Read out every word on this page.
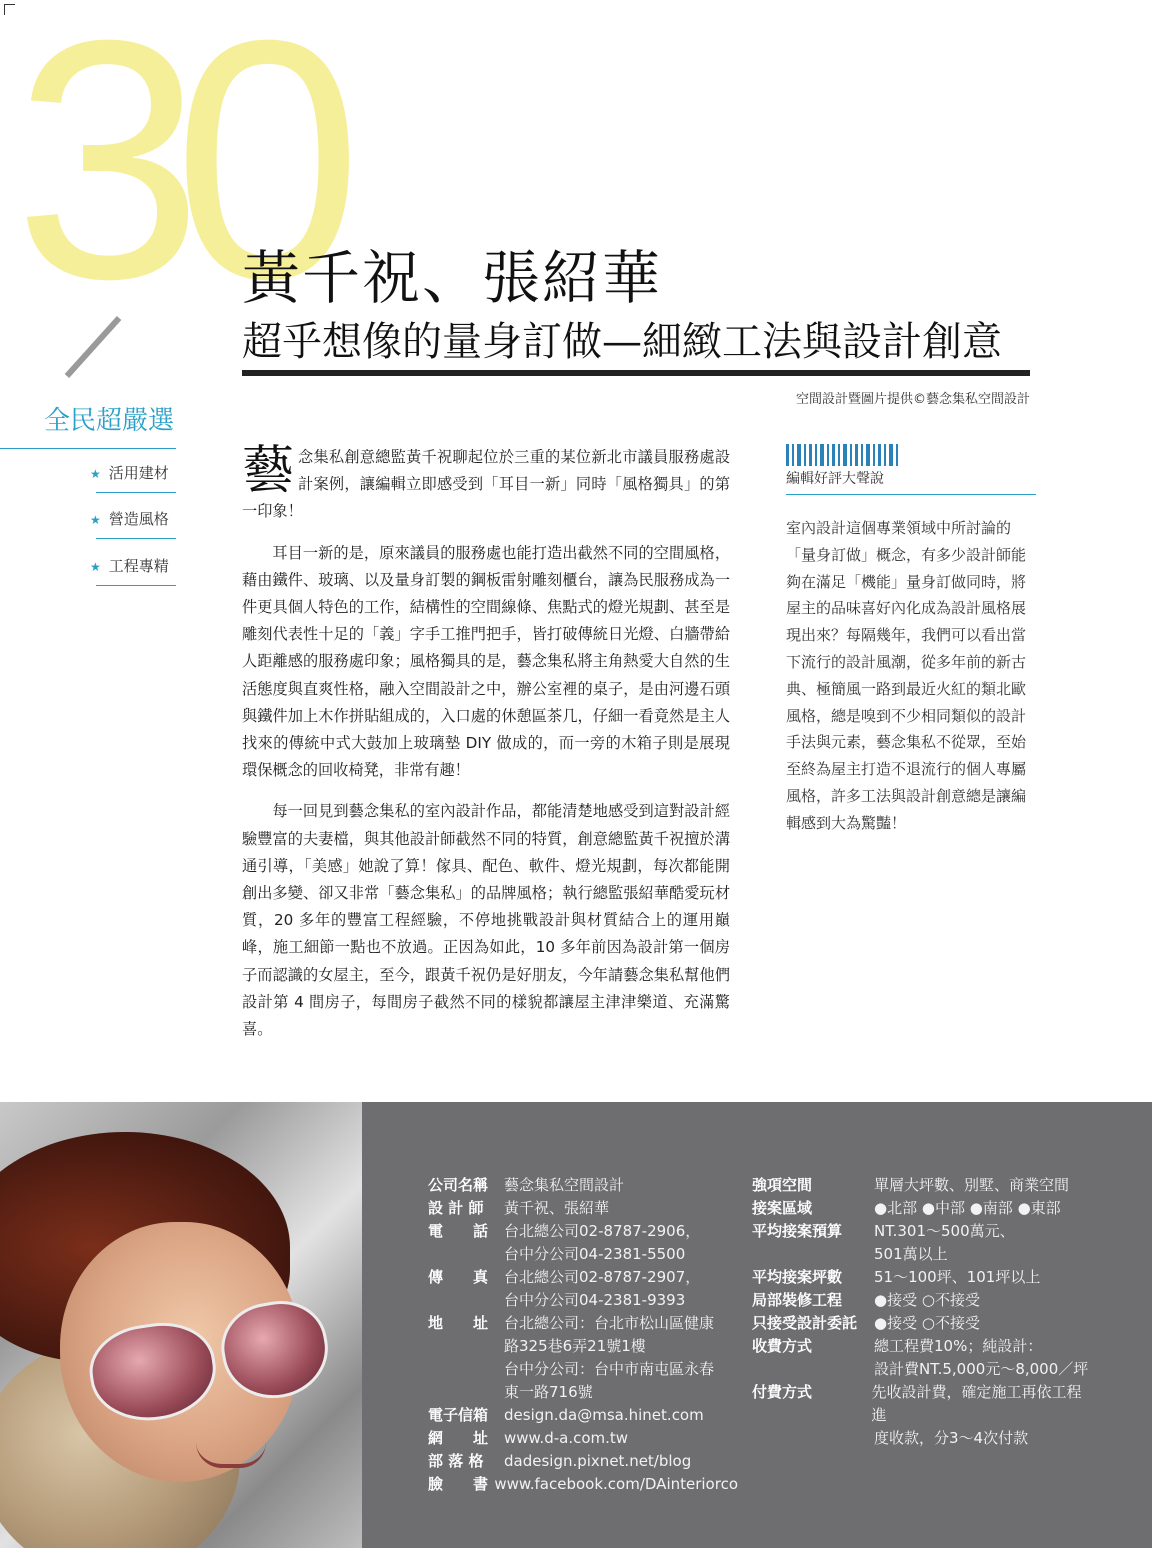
30
黃千祝、張紹華
超乎想像的量身訂做—細緻工法與設計創意
空間設計暨圖片提供©藝念集私空間設計
全民超嚴選
★ 活用建材
★ 營造風格
★ 工程專精

藝念集私創意總監黃千祝聊起位於三重的某位新北市議員服務處設計案例，讓編輯立即感受到「耳目一新」同時「風格獨具」的第一印象！

耳目一新的是，原來議員的服務處也能打造出截然不同的空間風格，藉由鐵件、玻璃、以及量身訂製的鋼板雷射雕刻櫃台，讓為民服務成為一件更具個人特色的工作，結構性的空間線條、焦點式的燈光規劃、甚至是雕刻代表性十足的「義」字手工推門把手，皆打破傳統日光燈、白牆帶給人距離感的服務處印象；風格獨具的是，藝念集私將主角熱愛大自然的生活態度與直爽性格，融入空間設計之中，辦公室裡的桌子，是由河邊石頭與鐵件加上木作拼貼組成的，入口處的休憩區茶几，仔細一看竟然是主人找來的傳統中式大鼓加上玻璃墊 DIY 做成的，而一旁的木箱子則是展現環保概念的回收椅凳，非常有趣！

每一回見到藝念集私的室內設計作品，都能清楚地感受到這對設計經驗豐富的夫妻檔，與其他設計師截然不同的特質，創意總監黃千祝擅於溝通引導，「美感」她說了算！傢具、配色、軟件、燈光規劃，每次都能開創出多變、卻又非常「藝念集私」的品牌風格；執行總監張紹華酷愛玩材質，20 多年的豐富工程經驗，不停地挑戰設計與材質結合上的運用巔峰，施工細節一點也不放過。正因為如此，10 多年前因為設計第一個房子而認識的女屋主，至今，跟黃千祝仍是好朋友，今年請藝念集私幫他們設計第 4 間房子，每間房子截然不同的樣貌都讓屋主津津樂道、充滿驚喜。

編輯好評大聲說
室內設計這個專業領域中所討論的「量身訂做」概念，有多少設計師能夠在滿足「機能」量身訂做同時，將屋主的品味喜好內化成為設計風格展現出來？每隔幾年，我們可以看出當下流行的設計風潮，從多年前的新古典、極簡風一路到最近火紅的類北歐風格，總是嗅到不少相同類似的設計手法與元素，藝念集私不從眾，至始至終為屋主打造不退流行的個人專屬風格，許多工法與設計創意總是讓編輯感到大為驚豔！
公司名稱	藝念集私空間設計
設 計 師	黃千祝、張紹華
電　　話	台北總公司02-8787-2906，
台中分公司04-2381-5500
傳　　真	台北總公司02-8787-2907，
台中分公司04-2381-9393
地　　址	台北總公司：台北市松山區健康
路325巷6弄21號1樓
台中分公司：台中市南屯區永春
東一路716號
電子信箱	design.da@msa.hinet.com
網　　址	www.d-a.com.tw
部 落 格	dadesign.pixnet.net/blog
臉　　書 www.facebook.com/DAinteriorco
強項空間	單層大坪數、別墅、商業空間
接案區域	●北部 ●中部 ●南部 ●東部
平均接案預算	NT.301～500萬元、
501萬以上
平均接案坪數	51～100坪、101坪以上
局部裝修工程	●接受 ○不接受
只接受設計委託	●接受 ○不接受
收費方式	總工程費10%；純設計：
設計費NT.5,000元～8,000／坪
付費方式	先收設計費，確定施工再依工程進
度收款，分3～4次付款
